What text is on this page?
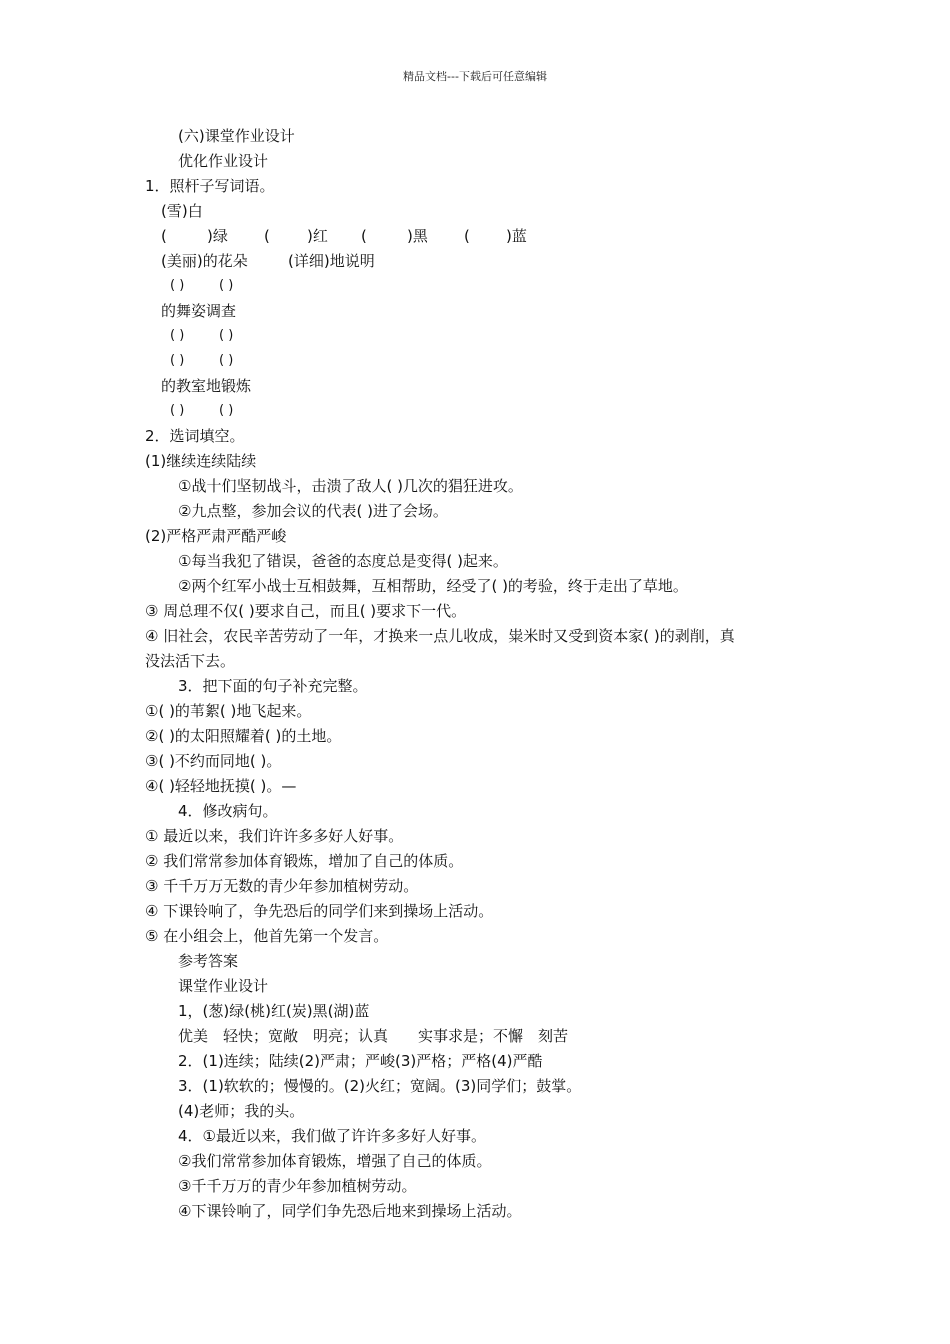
精品文档---下载后可任意编辑
(六)课堂作业设计
优化作业设计
1．照杆子写词语。
(雪)白
(	)绿 ( )红 (	)黑 ( )蓝
(美丽)的花朵	(详细)地说明
( )	( )
的舞姿调查
( )	( )
( )	( )
的教室地锻炼
( )	( )
2．选词填空。
(1)继续连续陆续
①战十们坚韧战斗，击溃了敌人( )几次的猖狂进攻。
②九点整，参加会议的代表( )进了会场。
(2)严格严肃严酷严峻
①每当我犯了错误，爸爸的态度总是变得( )起来。
②两个红军小战士互相鼓舞，互相帮助，经受了( )的考验，终于走出了草地。
③ 周总理不仅( )要求自己，而且( )要求下一代。
④ 旧社会，农民辛苦劳动了一年，才换来一点儿收成，粜米时又受到资本家( )的剥削，真
没法活下去。
3．把下面的句子补充完整。
①( )的苇絮( )地飞起来。
②( )的太阳照耀着( )的土地。
③( )不约而同地( )。
④( )轻轻地抚摸( )。—
4．修改病句。
① 最近以来，我们许许多多好人好事。
② 我们常常参加体育锻炼，增加了自己的体质。
③ 千千万万无数的青少年参加植树劳动。
④ 下课铃响了，争先恐后的同学们来到操场上活动。
⑤ 在小组会上，他首先第一个发言。
参考答案
课堂作业设计
1，(葱)绿(桃)红(炭)黑(湖)蓝
优美　轻快；宽敞　明亮；认真　　实事求是；不懈　刻苦
2．(1)连续；陆续(2)严肃；严峻(3)严格；严格(4)严酷
3．(1)软软的；慢慢的。(2)火红；宽阔。(3)同学们；鼓掌。
(4)老师；我的头。
4．①最近以来，我们做了许许多多好人好事。
②我们常常参加体育锻炼，增强了自己的体质。
③千千万万的青少年参加植树劳动。
④下课铃响了，同学们争先恐后地来到操场上活动。
